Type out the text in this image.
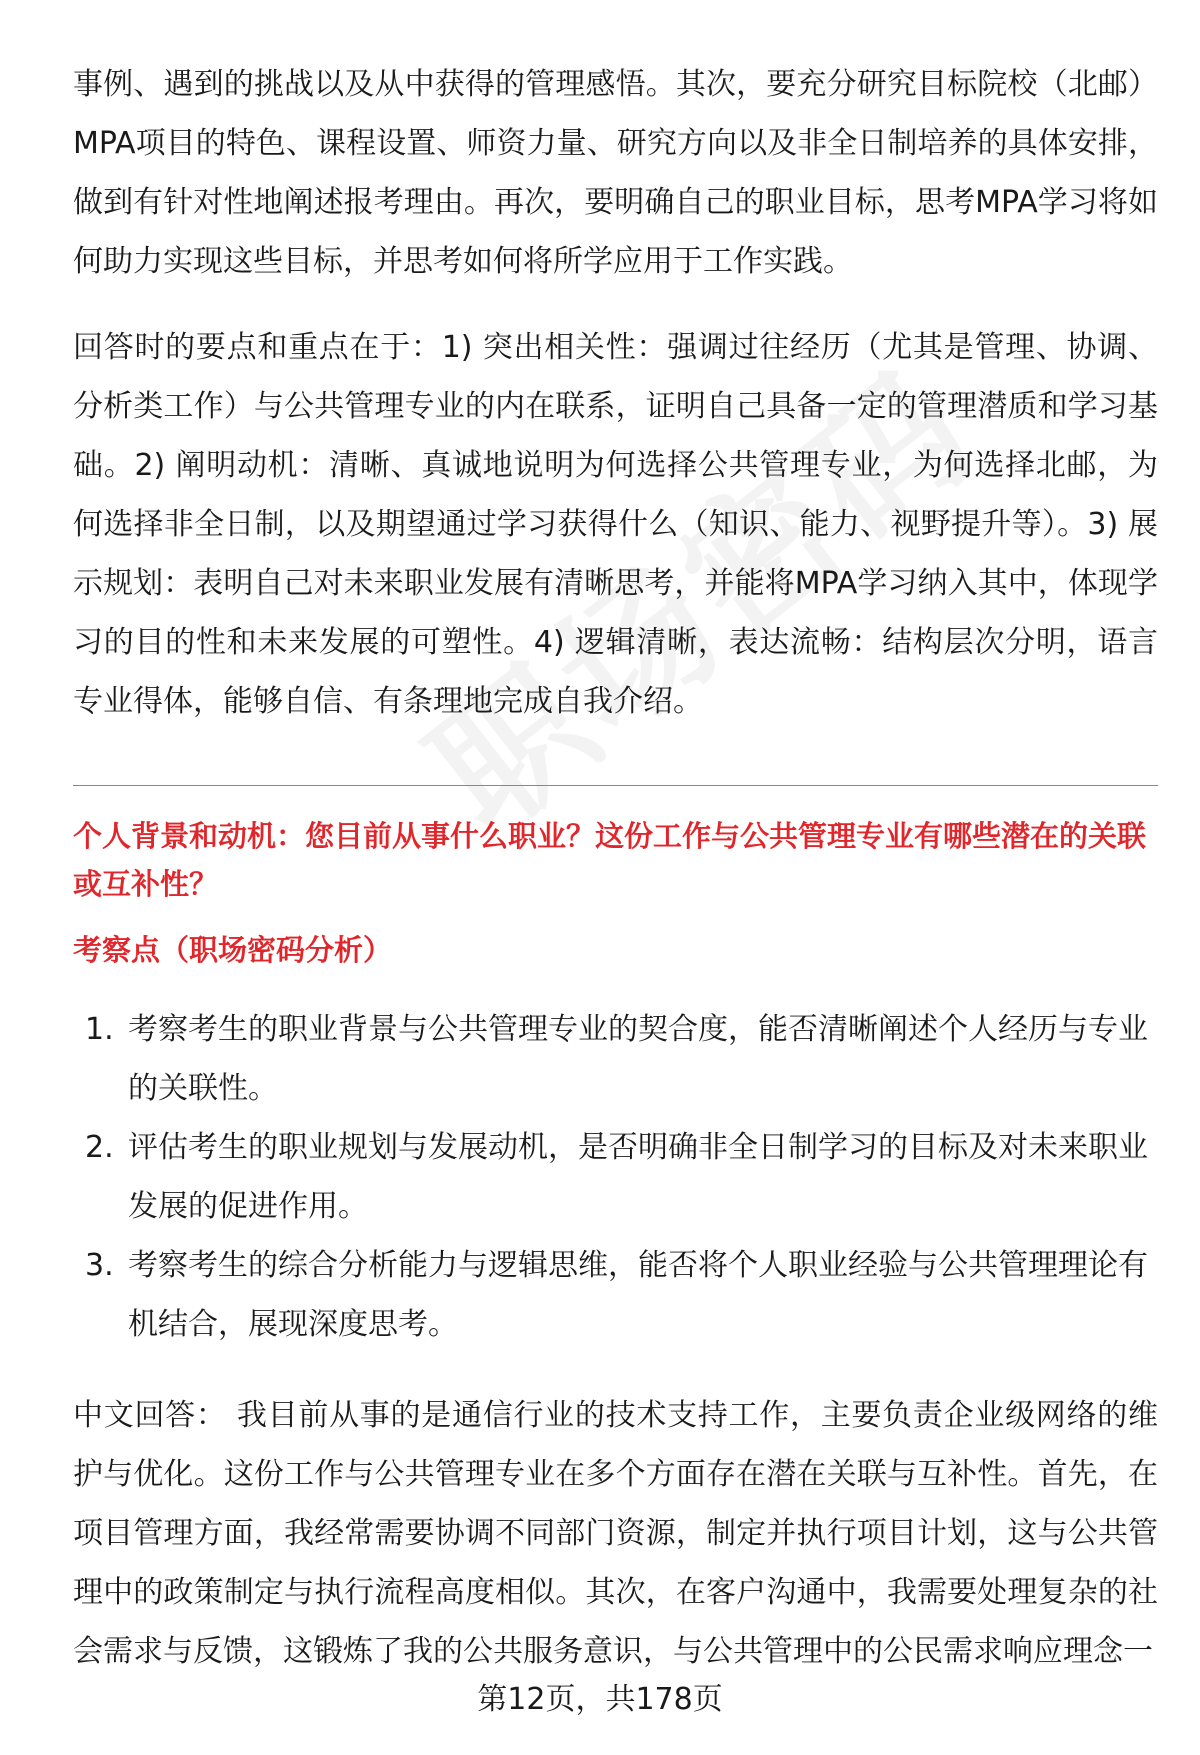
事例、遇到的挑战以及从中获得的管理感悟。其次，要充分研究目标院校（北邮）MPA项目的特色、课程设置、师资力量、研究方向以及非全日制培养的具体安排，做到有针对性地阐述报考理由。再次，要明确自己的职业目标，思考MPA学习将如何助力实现这些目标，并思考如何将所学应用于工作实践。

回答时的要点和重点在于：1) 突出相关性：强调过往经历（尤其是管理、协调、分析类工作）与公共管理专业的内在联系，证明自己具备一定的管理潜质和学习基础。2) 阐明动机：清晰、真诚地说明为何选择公共管理专业，为何选择北邮，为何选择非全日制，以及期望通过学习获得什么（知识、能力、视野提升等）。3) 展示规划：表明自己对未来职业发展有清晰思考，并能将MPA学习纳入其中，体现学习的目的性和未来发展的可塑性。4) 逻辑清晰，表达流畅：结构层次分明，语言专业得体，能够自信、有条理地完成自我介绍。

个人背景和动机：您目前从事什么职业？这份工作与公共管理专业有哪些潜在的关联或互补性？

考察点（职场密码分析）

1. 考察考生的职业背景与公共管理专业的契合度，能否清晰阐述个人经历与专业的关联性。
2. 评估考生的职业规划与发展动机，是否明确非全日制学习的目标及对未来职业发展的促进作用。
3. 考察考生的综合分析能力与逻辑思维，能否将个人职业经验与公共管理理论有机结合，展现深度思考。

中文回答： 我目前从事的是通信行业的技术支持工作，主要负责企业级网络的维护与优化。这份工作与公共管理专业在多个方面存在潜在关联与互补性。首先，在项目管理方面，我经常需要协调不同部门资源，制定并执行项目计划，这与公共管理中的政策制定与执行流程高度相似。其次，在客户沟通中，我需要处理复杂的社会需求与反馈，这锻炼了我的公共服务意识，与公共管理中的公民需求响应理念一

第12页，共178页
